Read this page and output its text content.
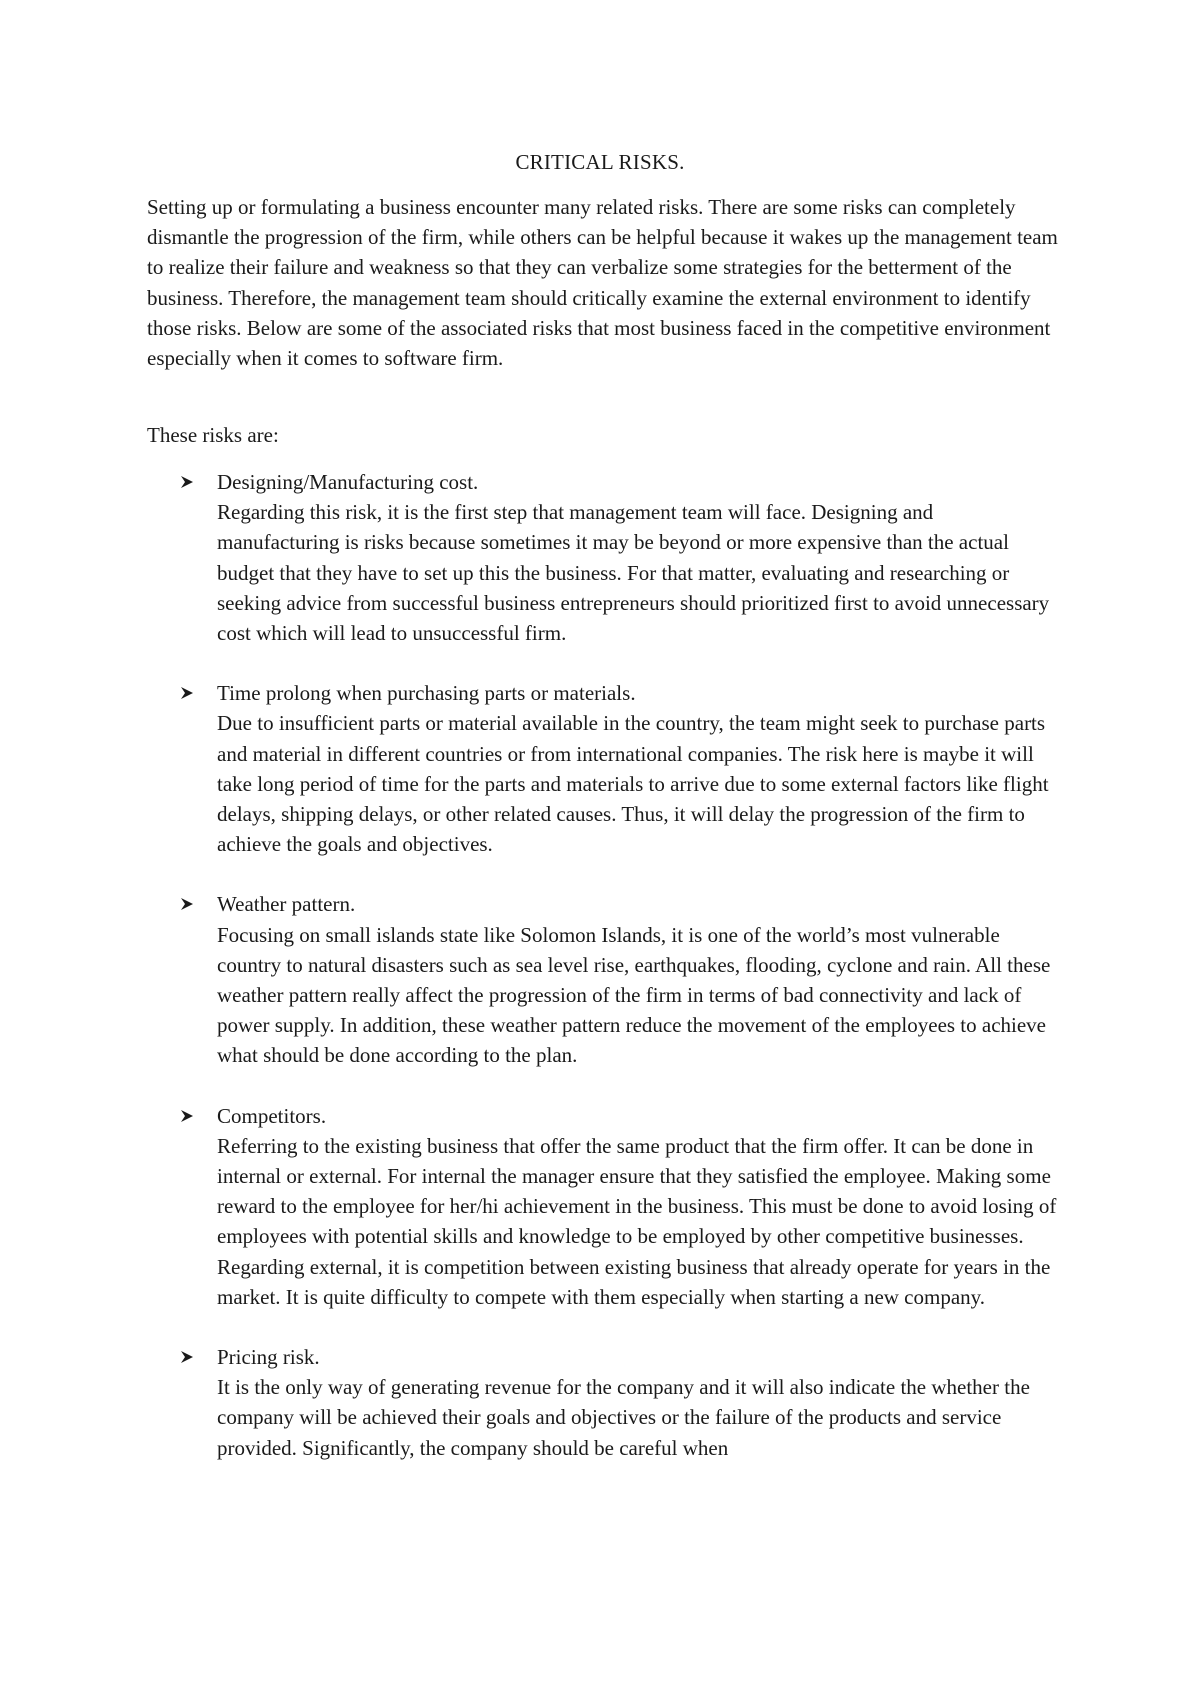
CRITICAL RISKS.

Setting up or formulating a business encounter many related risks. There are some risks can completely dismantle the progression of the firm, while others can be helpful because it wakes up the management team to realize their failure and weakness so that they can verbalize some strategies for the betterment of the business. Therefore, the management team should critically examine the external environment to identify those risks. Below are some of the associated risks that most business faced in the competitive environment especially when it comes to software firm.

These risks are:
Designing/Manufacturing cost.
Regarding this risk, it is the first step that management team will face. Designing and manufacturing is risks because sometimes it may be beyond or more expensive than the actual budget that they have to set up this the business. For that matter, evaluating and researching or seeking advice from successful business entrepreneurs should prioritized first to avoid unnecessary cost which will lead to unsuccessful firm.
Time prolong when purchasing parts or materials.
Due to insufficient parts or material available in the country, the team might seek to purchase parts and material in different countries or from international companies. The risk here is maybe it will take long period of time for the parts and materials to arrive due to some external factors like flight delays, shipping delays, or other related causes. Thus, it will delay the progression of the firm to achieve the goals and objectives.
Weather pattern.
Focusing on small islands state like Solomon Islands, it is one of the world’s most vulnerable country to natural disasters such as sea level rise, earthquakes, flooding, cyclone and rain. All these weather pattern really affect the progression of the firm in terms of bad connectivity and lack of power supply. In addition, these weather pattern reduce the movement of the employees to achieve what should be done according to the plan.
Competitors.
Referring to the existing business that offer the same product that the firm offer. It can be done in internal or external. For internal the manager ensure that they satisfied the employee. Making some reward to the employee for her/hi achievement in the business. This must be done to avoid losing of employees with potential skills and knowledge to be employed by other competitive businesses. Regarding external, it is competition between existing business that already operate for years in the market. It is quite difficulty to compete with them especially when starting a new company.
Pricing risk.
It is the only way of generating revenue for the company and it will also indicate the whether the company will be achieved their goals and objectives or the failure of the products and service provided. Significantly, the company should be careful when
